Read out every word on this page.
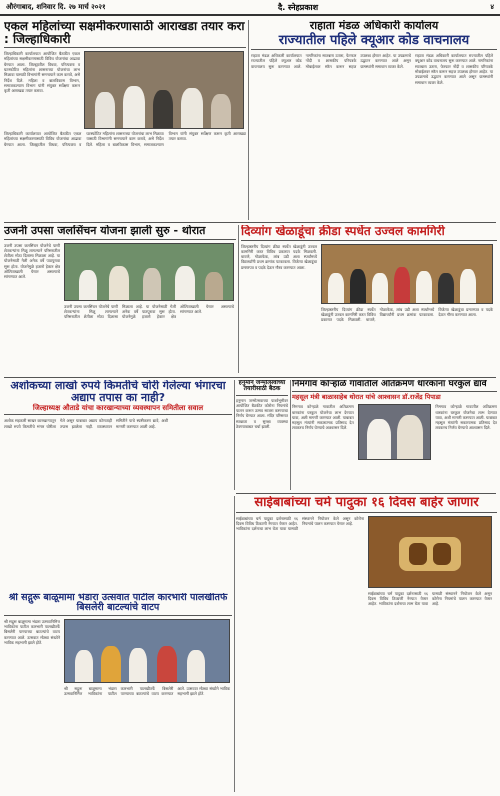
औरंगाबाद, शनिवार दि. २७ मार्च २०२१	दै. स्नेहप्रकाश	४
एकल महिलांच्या सक्षमीकरणासाठी आराखडा तयार करा : जिल्हाधिकारी
जिल्हाधिकारी कार्यालयात आयोजित बैठकीत एकल महिलांच्या सक्षमीकरणासाठी विविध योजनांचा आढावा घेण्यात आला. जिल्ह्यातील विधवा, परित्यक्ता व घटस्फोटित महिलांना शासनाच्या योजनांचा लाभ मिळावा यासाठी विभागांनी समन्वयाने काम करावे, असे निर्देश दिले. महिला व बालविकास विभाग, समाजकल्याण विभाग यांनी संयुक्त सर्वेक्षण करून कृती आराखडा तयार करावा.
जिल्हाधिकारी कार्यालयात आयोजित बैठकीत एकल महिलांच्या सक्षमीकरणासाठी विविध योजनांचा आढावा घेण्यात आला. जिल्ह्यातील विधवा, परित्यक्ता व घटस्फोटित महिलांना शासनाच्या योजनांचा लाभ मिळावा यासाठी विभागांनी समन्वयाने काम करावे, असे निर्देश दिले. महिला व बालविकास विभाग, समाजकल्याण विभाग यांनी संयुक्त सर्वेक्षण करून कृती आराखडा तयार करावा.
राहाता मंडळ अधिकारी कार्यालय
राज्यातील पहिले क्यूआर कोड वाचनालय
राहाता मंडळ अधिकारी कार्यालयात राज्यातील पहिले क्यूआर कोड वाचनालय सुरू करण्यात आले. नागरिकांना सातबारा उतारा, फेरफार नोंदी व शासकीय परिपत्रके मोबाईलवर स्कॅन करून सहज उपलब्ध होणार आहेत. या उपक्रमाचे उद्घाटन करण्यात आले असून ग्रामस्थांनी समाधान व्यक्त केले.
राहाता मंडळ अधिकारी कार्यालयात राज्यातील पहिले क्यूआर कोड वाचनालय सुरू करण्यात आले. नागरिकांना सातबारा उतारा, फेरफार नोंदी व शासकीय परिपत्रके मोबाईलवर स्कॅन करून सहज उपलब्ध होणार आहेत. या उपक्रमाचे उद्घाटन करण्यात आले असून ग्रामस्थांनी समाधान व्यक्त केले.
उजनी उपसा जलसिंचन योजना झाली सुरु - थोरात
उजनी उपसा जलसिंचन योजनेचे पाणी शेतकऱ्यांना मिळू लागल्याने परिसरातील शेतीला मोठा दिलासा मिळाला आहे. या योजनेसाठी गेली अनेक वर्षे पाठपुरावा सुरू होता. योजनेमुळे हजारो हेक्टर क्षेत्र ओलिताखाली येणार असल्याचे सांगण्यात आले.
उजनी उपसा जलसिंचन योजनेचे पाणी शेतकऱ्यांना मिळू लागल्याने परिसरातील शेतीला मोठा दिलासा मिळाला आहे. या योजनेसाठी गेली अनेक वर्षे पाठपुरावा सुरू होता. योजनेमुळे हजारो हेक्टर क्षेत्र ओलिताखाली येणार असल्याचे सांगण्यात आले.
दिव्यांग खेळाडूंचा क्रीडा स्पर्धेत उज्वल कामगिरी
जिल्हास्तरीय दिव्यांग क्रीडा स्पर्धेत खेळाडूंनी उज्वल कामगिरी करत विविध प्रकारात पदके मिळवली. धावणे, गोळाफेक, लांब उडी अशा स्पर्धांमध्ये विद्यार्थ्यांनी प्रथम क्रमांक पटकावला. विजेत्या खेळाडूंचा प्रमाणपत्र व पदके देऊन गौरव करण्यात आला.
जिल्हास्तरीय दिव्यांग क्रीडा स्पर्धेत खेळाडूंनी उज्वल कामगिरी करत विविध प्रकारात पदके मिळवली. धावणे, गोळाफेक, लांब उडी अशा स्पर्धांमध्ये विद्यार्थ्यांनी प्रथम क्रमांक पटकावला. विजेत्या खेळाडूंचा प्रमाणपत्र व पदके देऊन गौरव करण्यात आला.
अशोकच्या लाखो रुपये किमतीचे चोरी गेलेल्या भंगारचा अद्याप तपास का नाही?
जिल्हाध्यक्ष औताडे यांचा कारखान्याच्या व्यवस्थापन समितीला सवाल
अशोक सहकारी साखर कारखान्यातून लाखो रुपये किमतीचे भंगार चोरीला गेले असून याबाबत अद्याप कोणताही तपास झालेला नाही. व्यवस्थापन समितीने याचे स्पष्टीकरण द्यावे, अशी मागणी करण्यात आली आहे.
हनुमान जन्मोत्सवाच्या तयारीसाठी बैठक
हनुमान जन्मोत्सवाच्या पार्श्वभूमीवर आयोजित बैठकीत कोरोना नियमांचे पालन करून उत्सव साजरा करण्याचा निर्णय घेण्यात आला. मंदिर परिसरात स्वच्छता व सुरक्षा व्यवस्था ठेवण्याबाबत चर्चा झाली.
निमगाव कोऱ्हाळे गावातील अतिक्रमण धारकांना घरकुल द्यावे
महसूल मंत्री बाळासाहेब थोरात यांचे आश्वासन डॉ.राजेंद्र पिपाडा
निमगाव कोऱ्हाळे गावातील अतिक्रमण धारकांना घरकुल योजनेचा लाभ देण्यात यावा, अशी मागणी करण्यात आली. याबाबत महसूल मंत्र्यांनी सकारात्मक प्रतिसाद देत लवकरच निर्णय घेण्याचे आश्वासन दिले.
निमगाव कोऱ्हाळे गावातील अतिक्रमण धारकांना घरकुल योजनेचा लाभ देण्यात यावा, अशी मागणी करण्यात आली. याबाबत महसूल मंत्र्यांनी सकारात्मक प्रतिसाद देत लवकरच निर्णय घेण्याचे आश्वासन दिले.
साईबाबांच्या चर्म पादुका १६ दिवस बाहेर जाणार
साईबाबांच्या चर्म पादुका दर्शनासाठी १६ दिवस विविध ठिकाणी नेण्यात येणार आहेत. भाविकांना दर्शनाचा लाभ घेता यावा यासाठी संस्थानने नियोजन केले असून कोरोना नियमांचे पालन करण्यात येणार आहे.
साईबाबांच्या चर्म पादुका दर्शनासाठी १६ दिवस विविध ठिकाणी नेण्यात येणार आहेत. भाविकांना दर्शनाचा लाभ घेता यावा यासाठी संस्थानने नियोजन केले असून कोरोना नियमांचे पालन करण्यात येणार आहे.
श्री सद्गुरू बाळूमामा भंडारा उत्सवात पाटील कारभारी पालखीतर्फे बिसलेरी बाटल्यांचे वाटप
श्री सद्गुरू बाळूमामा भंडारा उत्सवानिमित्त भाविकांना पाटील कारभारी पालखीतर्फे बिसलेरी पाण्याच्या बाटल्यांचे वाटप करण्यात आले. उत्सवात मोठ्या संख्येने भाविक सहभागी झाले होते.
श्री सद्गुरू बाळूमामा भंडारा उत्सवानिमित्त भाविकांना पाटील कारभारी पालखीतर्फे बिसलेरी पाण्याच्या बाटल्यांचे वाटप करण्यात आले. उत्सवात मोठ्या संख्येने भाविक सहभागी झाले होते.
